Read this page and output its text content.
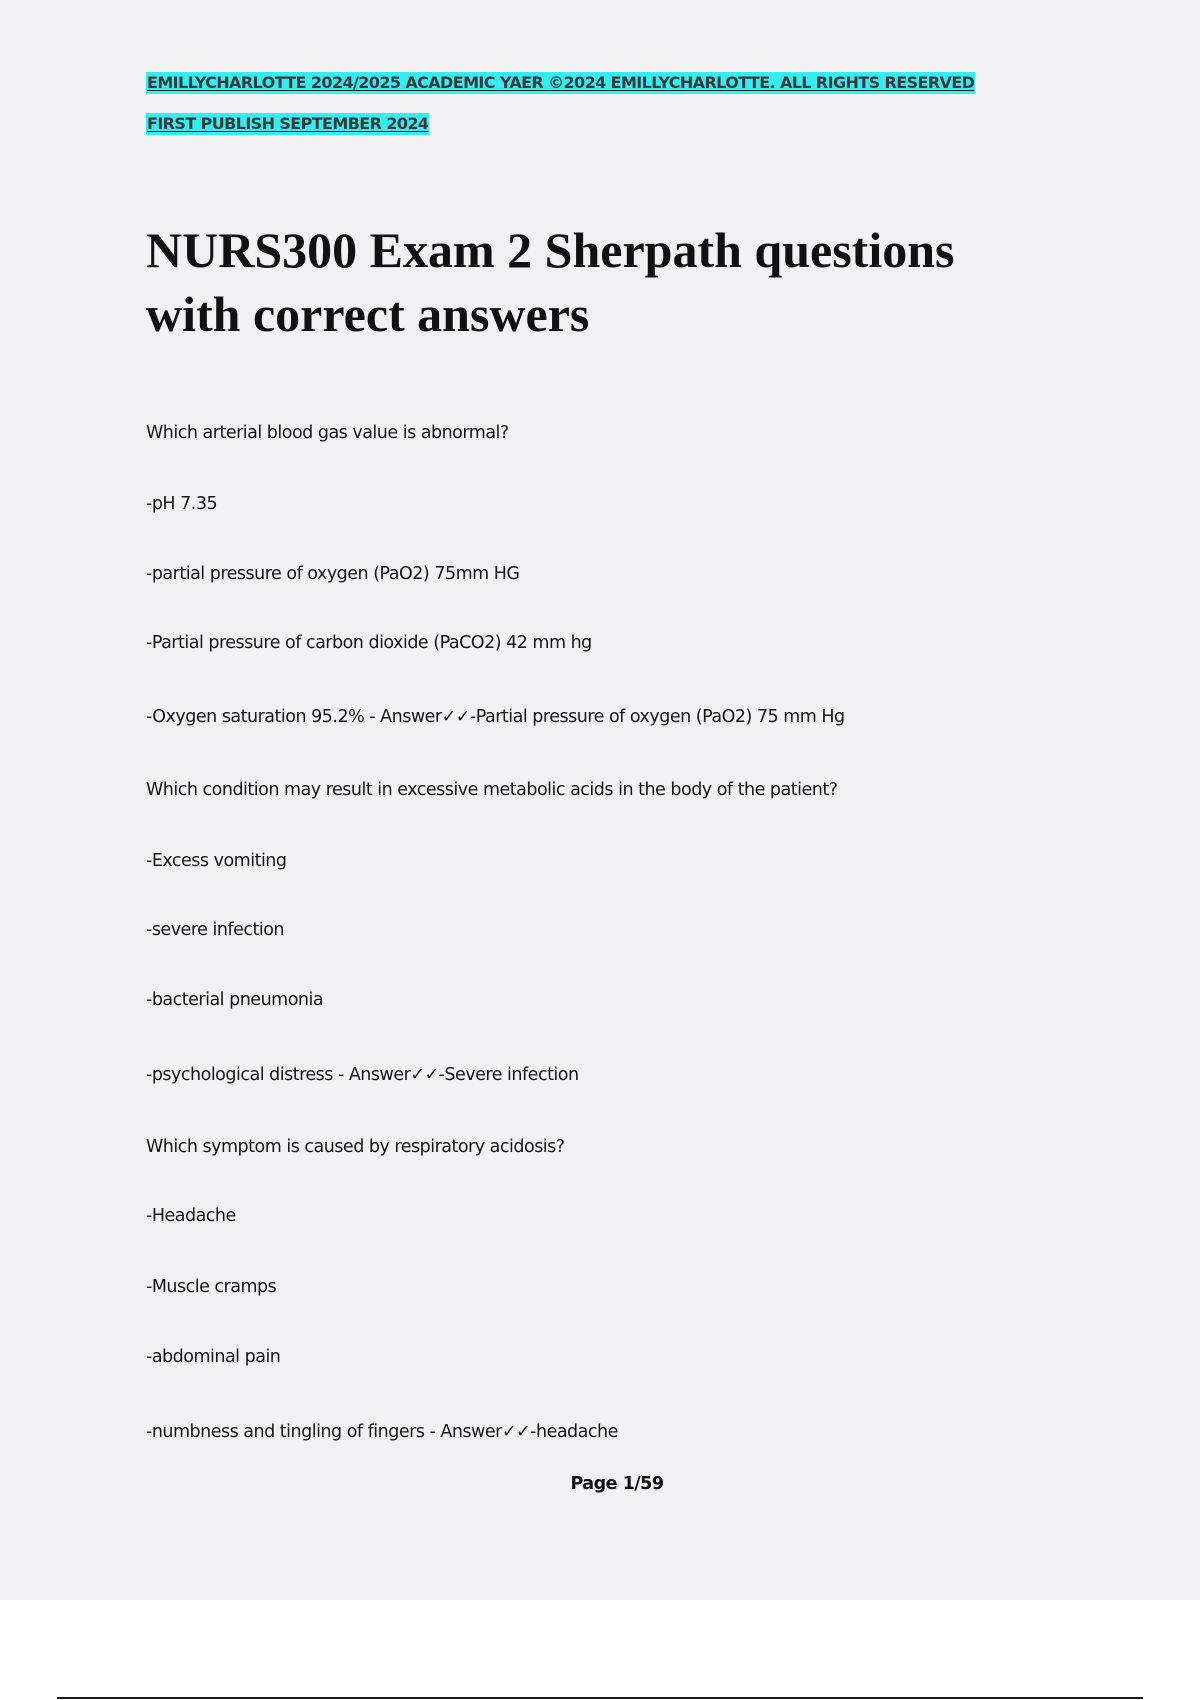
EMILLYCHARLOTTE 2024/2025 ACADEMIC YAER ©2024 EMILLYCHARLOTTE. ALL RIGHTS RESERVED
FIRST PUBLISH SEPTEMBER 2024
NURS300 Exam 2 Sherpath questions with correct answers
Which arterial blood gas value is abnormal?
-pH 7.35
-partial pressure of oxygen (PaO2) 75mm HG
-Partial pressure of carbon dioxide (PaCO2) 42 mm hg
-Oxygen saturation 95.2% - Answer✓✓-Partial pressure of oxygen (PaO2) 75 mm Hg
Which condition may result in excessive metabolic acids in the body of the patient?
-Excess vomiting
-severe infection
-bacterial pneumonia
-psychological distress - Answer✓✓-Severe infection
Which symptom is caused by respiratory acidosis?
-Headache
-Muscle cramps
-abdominal pain
-numbness and tingling of fingers - Answer✓✓-headache
Page 1/59
